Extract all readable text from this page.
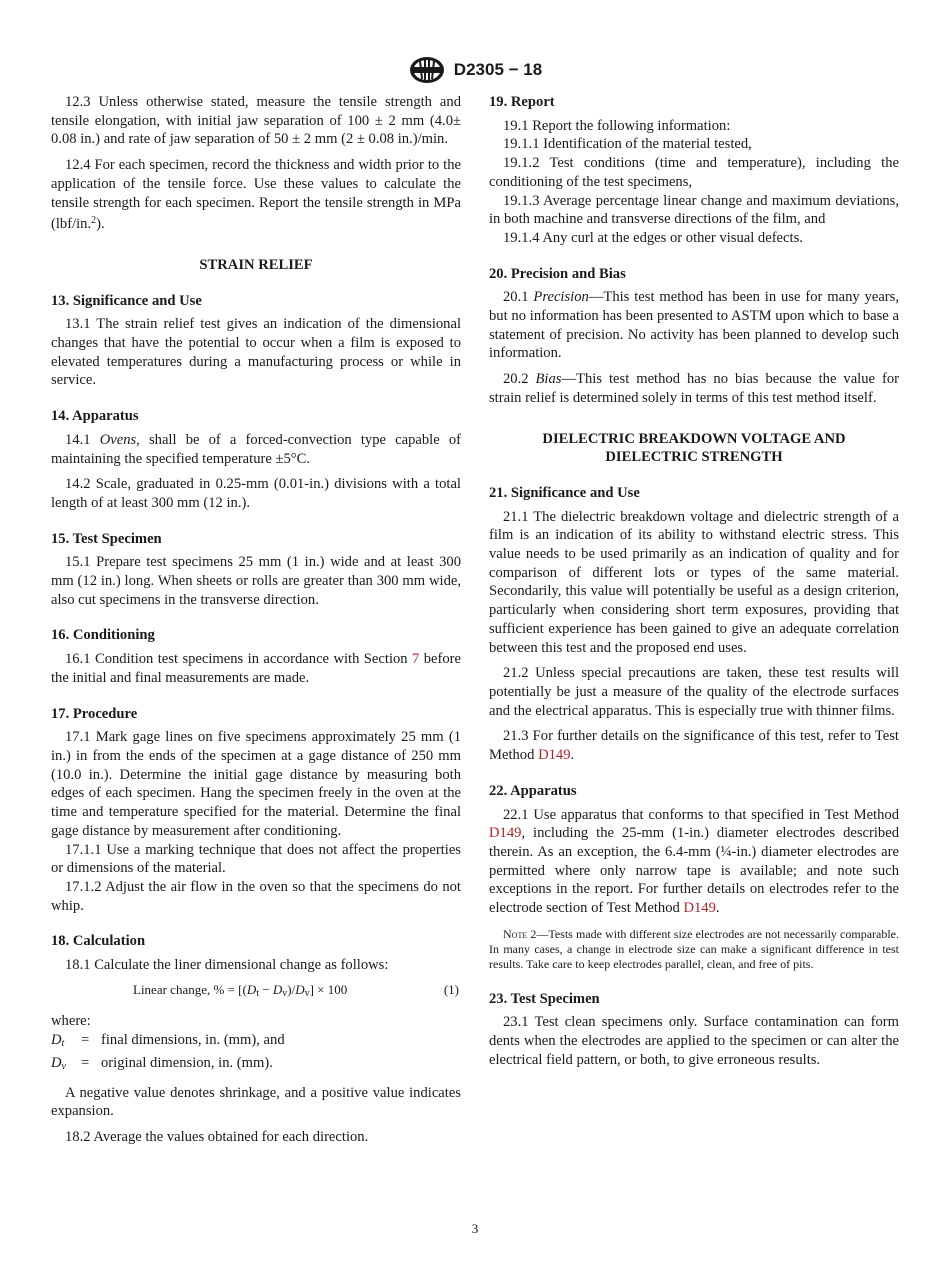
D2305 − 18

12.3 Unless otherwise stated, measure the tensile strength and tensile elongation, with initial jaw separation of 100 ± 2 mm (4.0± 0.08 in.) and rate of jaw separation of 50 ± 2 mm (2 ± 0.08 in.)/min.

12.4 For each specimen, record the thickness and width prior to the application of the tensile force. Use these values to calculate the tensile strength for each specimen. Report the tensile strength in MPa (lbf/in.$^2$).

STRAIN RELIEF

13. Significance and Use

13.1 The strain relief test gives an indication of the dimensional changes that have the potential to occur when a film is exposed to elevated temperatures during a manufacturing process or while in service.

14. Apparatus

14.1 Ovens, shall be of a forced-convection type capable of maintaining the specified temperature ±5°C.

14.2 Scale, graduated in 0.25-mm (0.01-in.) divisions with a total length of at least 300 mm (12 in.).

15. Test Specimen

15.1 Prepare test specimens 25 mm (1 in.) wide and at least 300 mm (12 in.) long. When sheets or rolls are greater than 300 mm wide, also cut specimens in the transverse direction.

16. Conditioning

16.1 Condition test specimens in accordance with Section 7 before the initial and final measurements are made.

17. Procedure

17.1 Mark gage lines on five specimens approximately 25 mm (1 in.) in from the ends of the specimen at a gage distance of 250 mm (10.0 in.). Determine the initial gage distance by measuring both edges of each specimen. Hang the specimen freely in the oven at the time and temperature specified for the material. Determine the final gage distance by measurement after conditioning.

17.1.1 Use a marking technique that does not affect the properties or dimensions of the material.

17.1.2 Adjust the air flow in the oven so that the specimens do not whip.

18. Calculation

18.1 Calculate the liner dimensional change as follows:

Linear change, % = $[(D_t - D_v)/D_v] \times 100$	(1)

where:

$D_t$	= final dimensions, in. (mm), and

$D_v$	= original dimension, in. (mm).

A negative value denotes shrinkage, and a positive value indicates expansion.

18.2 Average the values obtained for each direction.

19. Report

19.1 Report the following information:

19.1.1 Identification of the material tested,

19.1.2 Test conditions (time and temperature), including the conditioning of the test specimens,

19.1.3 Average percentage linear change and maximum deviations, in both machine and transverse directions of the film, and

19.1.4 Any curl at the edges or other visual defects.

20. Precision and Bias

20.1 Precision—This test method has been in use for many years, but no information has been presented to ASTM upon which to base a statement of precision. No activity has been planned to develop such information.

20.2 Bias—This test method has no bias because the value for strain relief is determined solely in terms of this test method itself.

DIELECTRIC BREAKDOWN VOLTAGE AND
DIELECTRIC STRENGTH

21. Significance and Use

21.1 The dielectric breakdown voltage and dielectric strength of a film is an indication of its ability to withstand electric stress. This value needs to be used primarily as an indication of quality and for comparison of different lots or types of the same material. Secondarily, this value will potentially be useful as a design criterion, particularly when considering short term exposures, providing that sufficient experience has been gained to give an adequate correlation between this test and the proposed end uses.

21.2 Unless special precautions are taken, these test results will potentially be just a measure of the quality of the electrode surfaces and the electrical apparatus. This is especially true with thinner films.

21.3 For further details on the significance of this test, refer to Test Method D149.

22. Apparatus

22.1 Use apparatus that conforms to that specified in Test Method D149, including the 25-mm (1-in.) diameter electrodes described therein. As an exception, the 6.4-mm (¼-in.) diameter electrodes are permitted where only narrow tape is available; and note such exceptions in the report. For further details on electrodes refer to the electrode section of Test Method D149.

Note 2—Tests made with different size electrodes are not necessarily comparable. In many cases, a change in electrode size can make a significant difference in test results. Take care to keep electrodes parallel, clean, and free of pits.

23. Test Specimen

23.1 Test clean specimens only. Surface contamination can form dents when the electrodes are applied to the specimen or can alter the electrical field pattern, or both, to give erroneous results.

3
